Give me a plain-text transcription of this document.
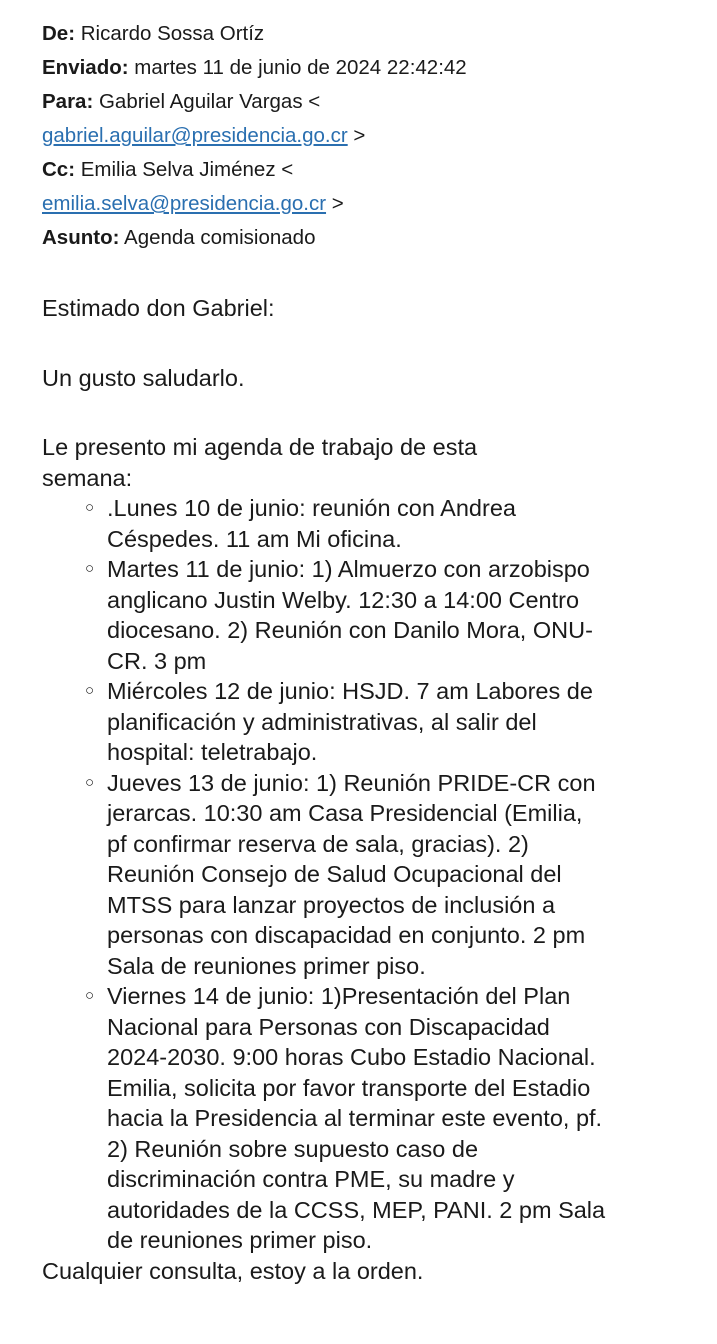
De: Ricardo Sossa Ortíz
Enviado: martes 11 de junio de 2024 22:42:42
Para: Gabriel Aguilar Vargas <
gabriel.aguilar@presidencia.go.cr >
Cc: Emilia Selva Jiménez <
emilia.selva@presidencia.go.cr >
Asunto: Agenda comisionado

Estimado don Gabriel:

Un gusto saludarlo.

Le presento mi agenda de trabajo de esta semana:

○ .Lunes 10 de junio: reunión con Andrea Céspedes. 11 am Mi oficina.
○ Martes 11 de junio: 1) Almuerzo con arzobispo anglicano Justin Welby. 12:30 a 14:00 Centro diocesano. 2) Reunión con Danilo Mora, ONU-CR. 3 pm
○ Miércoles 12 de junio: HSJD. 7 am Labores de planificación y administrativas, al salir del hospital: teletrabajo.
○ Jueves 13 de junio: 1) Reunión PRIDE-CR con jerarcas. 10:30 am Casa Presidencial (Emilia, pf confirmar reserva de sala, gracias). 2) Reunión Consejo de Salud Ocupacional del MTSS para lanzar proyectos de inclusión a personas con discapacidad en conjunto. 2 pm Sala de reuniones primer piso.
○ Viernes 14 de junio: 1)Presentación del Plan Nacional para Personas con Discapacidad 2024-2030. 9:00 horas Cubo Estadio Nacional. Emilia, solicita por favor transporte del Estadio hacia la Presidencia al terminar este evento, pf. 2) Reunión sobre supuesto caso de discriminación contra PME, su madre y autoridades de la CCSS, MEP, PANI. 2 pm Sala de reuniones primer piso.

Cualquier consulta, estoy a la orden.
